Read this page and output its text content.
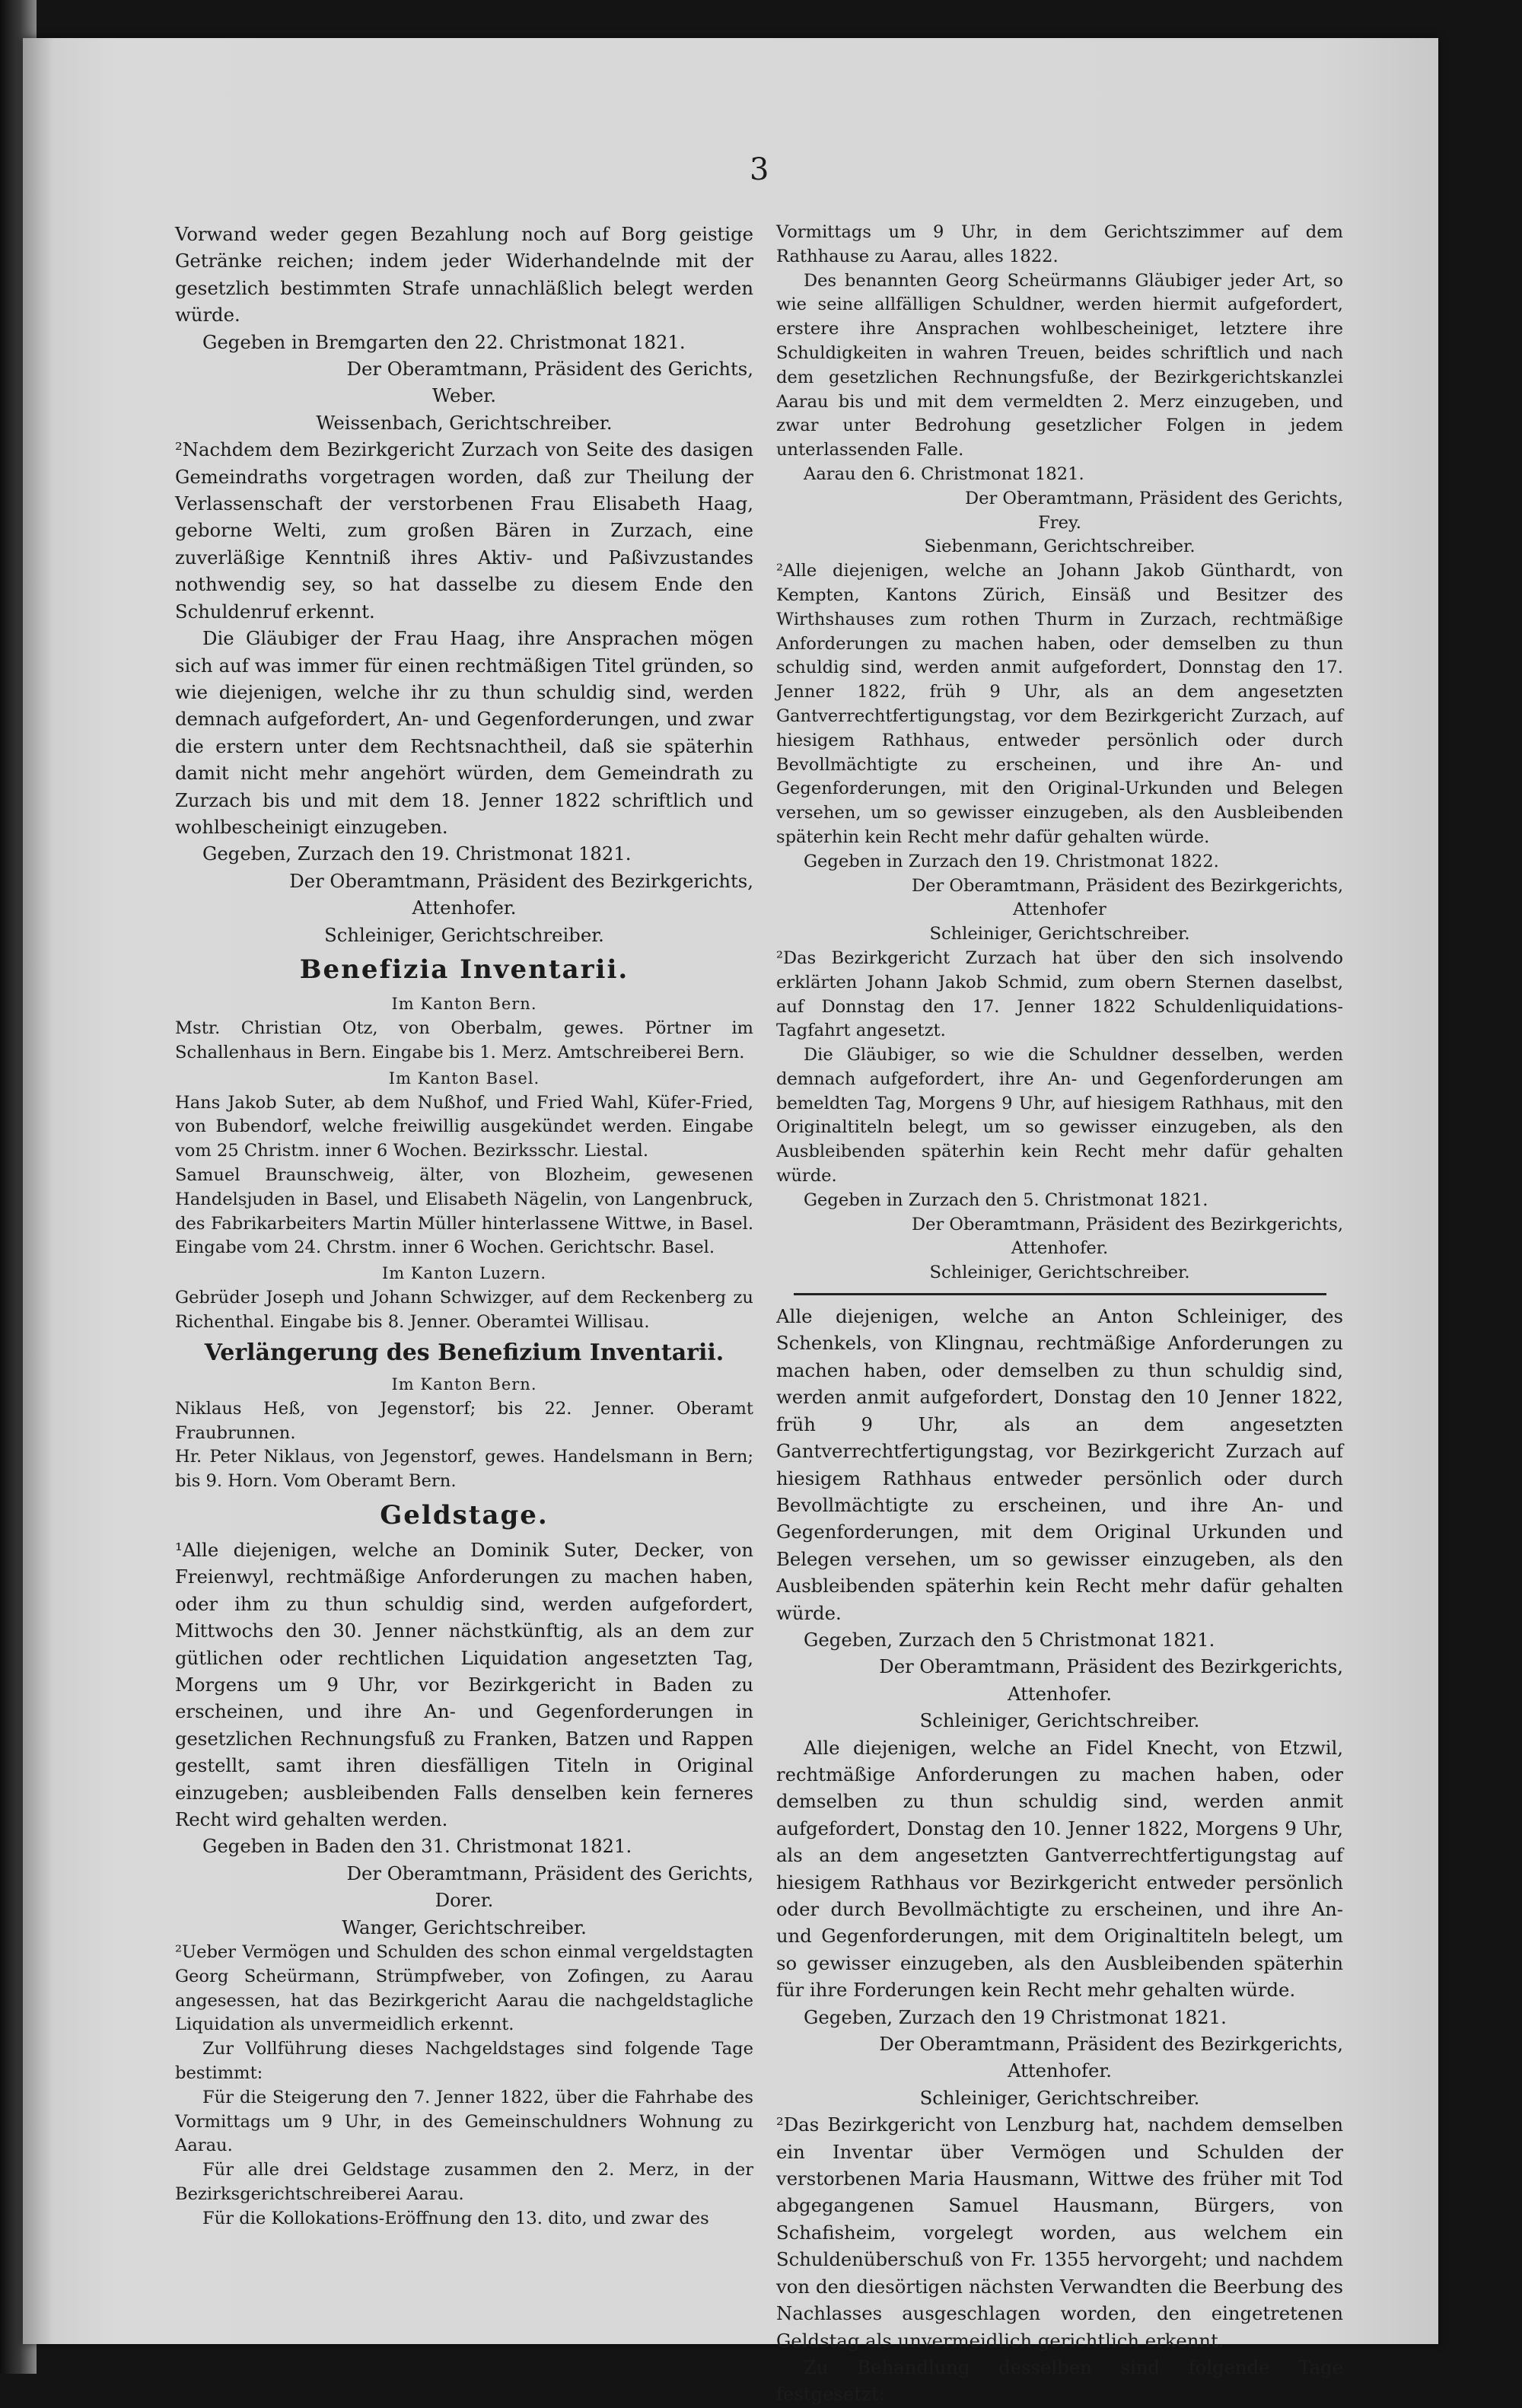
3

Vorwand weder gegen Bezahlung noch auf Borg geistige Getränke reichen; indem jeder Widerhandelnde mit der gesetzlich bestimmten Strafe unnachläßlich belegt werden würde.

Gegeben in Bremgarten den 22. Christmonat 1821.

Der Oberamtmann, Präsident des Gerichts,

Weber.

Weissenbach, Gerichtschreiber.

²Nachdem dem Bezirkgericht Zurzach von Seite des dasigen Gemeindraths vorgetragen worden, daß zur Theilung der Verlassenschaft der verstorbenen Frau Elisabeth Haag, geborne Welti, zum großen Bären in Zurzach, eine zuverläßige Kenntniß ihres Aktiv- und Paßivzustandes nothwendig sey, so hat dasselbe zu diesem Ende den Schuldenruf erkennt.

Die Gläubiger der Frau Haag, ihre Ansprachen mögen sich auf was immer für einen rechtmäßigen Titel gründen, so wie diejenigen, welche ihr zu thun schuldig sind, werden demnach aufgefordert, An- und Gegenforderungen, und zwar die erstern unter dem Rechtsnachtheil, daß sie späterhin damit nicht mehr angehört würden, dem Gemeindrath zu Zurzach bis und mit dem 18. Jenner 1822 schriftlich und wohlbescheinigt einzugeben.

Gegeben, Zurzach den 19. Christmonat 1821.

Der Oberamtmann, Präsident des Bezirkgerichts,

Attenhofer.

Schleiniger, Gerichtschreiber.

Benefizia Inventarii.
Im Kanton Bern.

Mstr. Christian Otz, von Oberbalm, gewes. Pörtner im Schallenhaus in Bern. Eingabe bis 1. Merz. Amtschreiberei Bern.

Im Kanton Basel.

Hans Jakob Suter, ab dem Nußhof, und Fried Wahl, Küfer-Fried, von Bubendorf, welche freiwillig ausgekündet werden. Eingabe vom 25 Christm. inner 6 Wochen. Bezirksschr. Liestal.

Samuel Braunschweig, älter, von Blozheim, gewesenen Handelsjuden in Basel, und Elisabeth Nägelin, von Langenbruck, des Fabrikarbeiters Martin Müller hinterlassene Wittwe, in Basel. Eingabe vom 24. Chrstm. inner 6 Wochen. Gerichtschr. Basel.

Im Kanton Luzern.

Gebrüder Joseph und Johann Schwizger, auf dem Reckenberg zu Richenthal. Eingabe bis 8. Jenner. Oberamtei Willisau.

Verlängerung des Benefizium Inventarii.
Im Kanton Bern.

Niklaus Heß, von Jegenstorf; bis 22. Jenner. Oberamt Fraubrunnen.

Hr. Peter Niklaus, von Jegenstorf, gewes. Handelsmann in Bern; bis 9. Horn. Vom Oberamt Bern.

Geldstage.

¹Alle diejenigen, welche an Dominik Suter, Decker, von Freienwyl, rechtmäßige Anforderungen zu machen haben, oder ihm zu thun schuldig sind, werden aufgefordert, Mittwochs den 30. Jenner nächstkünftig, als an dem zur gütlichen oder rechtlichen Liquidation angesetzten Tag, Morgens um 9 Uhr, vor Bezirkgericht in Baden zu erscheinen, und ihre An- und Gegenforderungen in gesetzlichen Rechnungsfuß zu Franken, Batzen und Rappen gestellt, samt ihren diesfälligen Titeln in Original einzugeben; ausbleibenden Falls denselben kein ferneres Recht wird gehalten werden.

Gegeben in Baden den 31. Christmonat 1821.

Der Oberamtmann, Präsident des Gerichts,

Dorer.

Wanger, Gerichtschreiber.

²Ueber Vermögen und Schulden des schon einmal vergeldstagten Georg Scheürmann, Strümpfweber, von Zofingen, zu Aarau angesessen, hat das Bezirkgericht Aarau die nachgeldstagliche Liquidation als unvermeidlich erkennt.

Zur Vollführung dieses Nachgeldstages sind folgende Tage bestimmt:

Für die Steigerung den 7. Jenner 1822, über die Fahrhabe des Vormittags um 9 Uhr, in des Gemeinschuldners Wohnung zu Aarau.

Für alle drei Geldstage zusammen den 2. Merz, in der Bezirksgerichtschreiberei Aarau.

Für die Kollokations-Eröffnung den 13. dito, und zwar des

Vormittags um 9 Uhr, in dem Gerichtszimmer auf dem Rathhause zu Aarau, alles 1822.

Des benannten Georg Scheürmanns Gläubiger jeder Art, so wie seine allfälligen Schuldner, werden hiermit aufgefordert, erstere ihre Ansprachen wohlbescheiniget, letztere ihre Schuldigkeiten in wahren Treuen, beides schriftlich und nach dem gesetzlichen Rechnungsfuße, der Bezirkgerichtskanzlei Aarau bis und mit dem vermeldten 2. Merz einzugeben, und zwar unter Bedrohung gesetzlicher Folgen in jedem unterlassenden Falle.

Aarau den 6. Christmonat 1821.

Der Oberamtmann, Präsident des Gerichts,

Frey.

Siebenmann, Gerichtschreiber.

²Alle diejenigen, welche an Johann Jakob Günthardt, von Kempten, Kantons Zürich, Einsäß und Besitzer des Wirthshauses zum rothen Thurm in Zurzach, rechtmäßige Anforderungen zu machen haben, oder demselben zu thun schuldig sind, werden anmit aufgefordert, Donnstag den 17. Jenner 1822, früh 9 Uhr, als an dem angesetzten Gantverrechtfertigungstag, vor dem Bezirkgericht Zurzach, auf hiesigem Rathhaus, entweder persönlich oder durch Bevollmächtigte zu erscheinen, und ihre An- und Gegenforderungen, mit den Original-Urkunden und Belegen versehen, um so gewisser einzugeben, als den Ausbleibenden späterhin kein Recht mehr dafür gehalten würde.

Gegeben in Zurzach den 19. Christmonat 1822.

Der Oberamtmann, Präsident des Bezirkgerichts,

Attenhofer

Schleiniger, Gerichtschreiber.

²Das Bezirkgericht Zurzach hat über den sich insolvendo erklärten Johann Jakob Schmid, zum obern Sternen daselbst, auf Donnstag den 17. Jenner 1822 Schuldenliquidations-Tagfahrt angesetzt.

Die Gläubiger, so wie die Schuldner desselben, werden demnach aufgefordert, ihre An- und Gegenforderungen am bemeldten Tag, Morgens 9 Uhr, auf hiesigem Rathhaus, mit den Originaltiteln belegt, um so gewisser einzugeben, als den Ausbleibenden späterhin kein Recht mehr dafür gehalten würde.

Gegeben in Zurzach den 5. Christmonat 1821.

Der Oberamtmann, Präsident des Bezirkgerichts,

Attenhofer.

Schleiniger, Gerichtschreiber.

Alle diejenigen, welche an Anton Schleiniger, des Schenkels, von Klingnau, rechtmäßige Anforderungen zu machen haben, oder demselben zu thun schuldig sind, werden anmit aufgefordert, Donstag den 10 Jenner 1822, früh 9 Uhr, als an dem angesetzten Gantverrechtfertigungstag, vor Bezirkgericht Zurzach auf hiesigem Rathhaus entweder persönlich oder durch Bevollmächtigte zu erscheinen, und ihre An- und Gegenforderungen, mit dem Original Urkunden und Belegen versehen, um so gewisser einzugeben, als den Ausbleibenden späterhin kein Recht mehr dafür gehalten würde.

Gegeben, Zurzach den 5 Christmonat 1821.

Der Oberamtmann, Präsident des Bezirkgerichts,

Attenhofer.

Schleiniger, Gerichtschreiber.

Alle diejenigen, welche an Fidel Knecht, von Etzwil, rechtmäßige Anforderungen zu machen haben, oder demselben zu thun schuldig sind, werden anmit aufgefordert, Donstag den 10. Jenner 1822, Morgens 9 Uhr, als an dem angesetzten Gantverrechtfertigungstag auf hiesigem Rathhaus vor Bezirkgericht entweder persönlich oder durch Bevollmächtigte zu erscheinen, und ihre An- und Gegenforderungen, mit dem Originaltiteln belegt, um so gewisser einzugeben, als den Ausbleibenden späterhin für ihre Forderungen kein Recht mehr gehalten würde.

Gegeben, Zurzach den 19 Christmonat 1821.

Der Oberamtmann, Präsident des Bezirkgerichts,

Attenhofer.

Schleiniger, Gerichtschreiber.

²Das Bezirkgericht von Lenzburg hat, nachdem demselben ein Inventar über Vermögen und Schulden der verstorbenen Maria Hausmann, Wittwe des früher mit Tod abgegangenen Samuel Hausmann, Bürgers, von Schafisheim, vorgelegt worden, aus welchem ein Schuldenüberschuß von Fr. 1355 hervorgeht; und nachdem von den diesörtigen nächsten Verwandten die Beerbung des Nachlasses ausgeschlagen worden, den eingetretenen Geldstag als unvermeidlich gerichtlich erkennt.

Zu Behandlung desselben sind folgende Tage festgesetzt:
